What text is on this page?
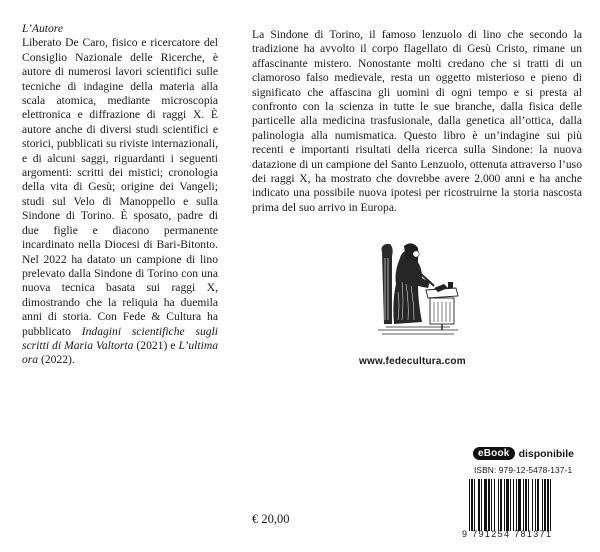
L’Autore
Liberato De Caro, fisico e ricercatore del Consiglio Nazionale delle Ricerche, è autore di numerosi lavori scientifici sulle tecniche di indagine della materia alla scala atomica, mediante microscopia elettronica e diffrazione di raggi X. È autore anche di diversi studi scientifici e storici, pubblicati su riviste internazionali, e di alcuni saggi, riguardanti i seguenti argomenti: scritti dei mistici; cronologia della vita di Gesù; origine dei Vangeli; studi sul Velo di Manoppello e sulla Sindone di Torino. È sposato, padre di due figlie e diacono permanente incardinato nella Diocesi di Bari-Bitonto. Nel 2022 ha datato un campione di lino prelevato dalla Sindone di Torino con una nuova tecnica basata sui raggi X, dimostrando che la reliquia ha duemila anni di storia. Con Fede & Cultura ha pubblicato Indagini scientifiche sugli scritti di Maria Valtorta (2021) e L’ultima ora (2022).
La Sindone di Torino, il famoso lenzuolo di lino che secondo la tradizione ha avvolto il corpo flagellato di Gesù Cristo, rimane un affascinante mistero. Nonostante molti credano che si tratti di un clamoroso falso medievale, resta un oggetto misterioso e pieno di significato che affascina gli uomini di ogni tempo e si presta al confronto con la scienza in tutte le sue branche, dalla fisica delle particelle alla medicina trasfusionale, dalla genetica all’ottica, dalla palinologia alla numismatica. Questo libro è un’indagine sui più recenti e importanti risultati della ricerca sulla Sindone: la nuova datazione di un campione del Santo Lenzuolo, ottenuta attraverso l’uso dei raggi X, ha mostrato che dovrebbe avere 2.000 anni e ha anche indicato una possibile nuova ipotesi per ricostruirne la storia nascosta prima del suo arrivo in Europa.
www.fedecultura.com
eBook disponibile
ISBN: 979-12-5478-137-1
9 791254 781371
€ 20,00
